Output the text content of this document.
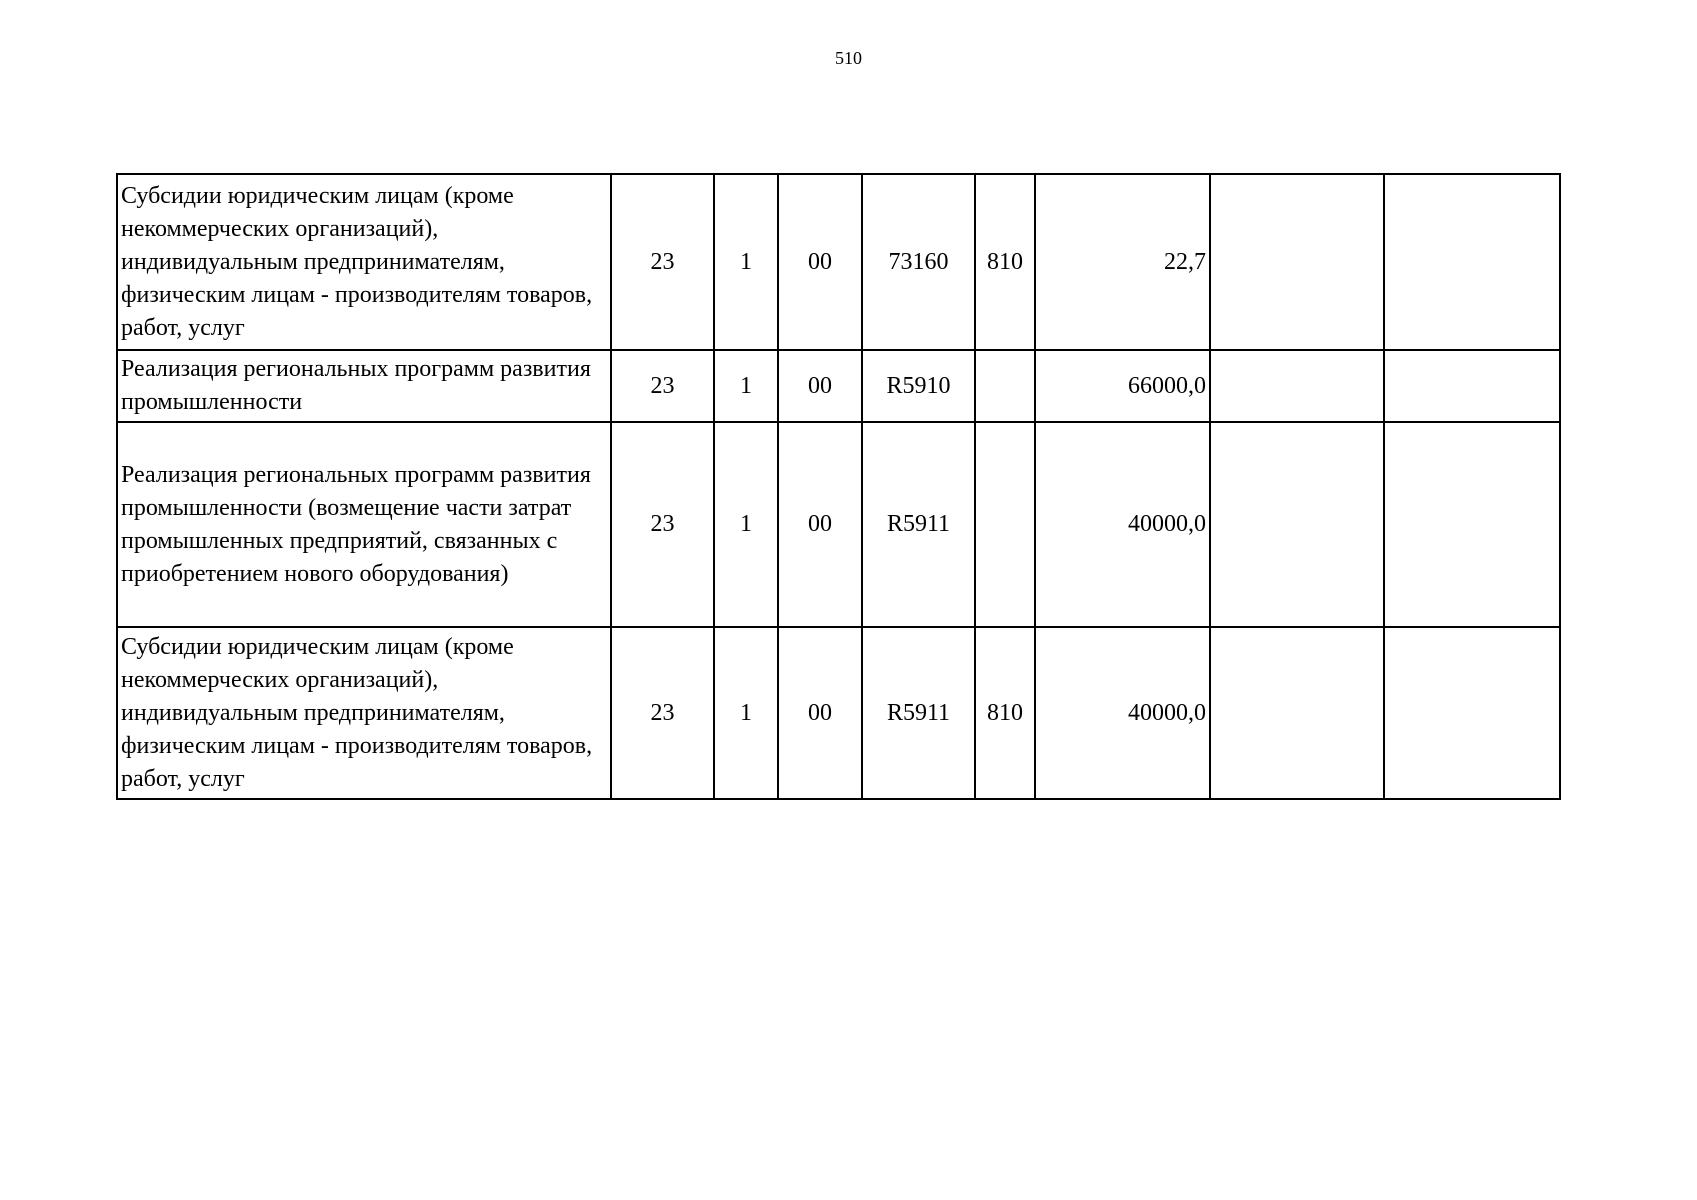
510
Субсидии юридическим лицам (кроме некоммерческих организаций), индивидуальным предпринимателям, физическим лицам - производителям товаров, работ, услуг	23	1	00	73160	810	22,7		
Реализация региональных программ развития промышленности	23	1	00	R5910		66000,0		
Реализация региональных программ развития промышленности (возмещение части затрат промышленных предприятий, связанных с приобретением нового оборудования)	23	1	00	R5911		40000,0		
Субсидии юридическим лицам (кроме некоммерческих организаций), индивидуальным предпринимателям, физическим лицам - производителям товаров, работ, услуг	23	1	00	R5911	810	40000,0		
